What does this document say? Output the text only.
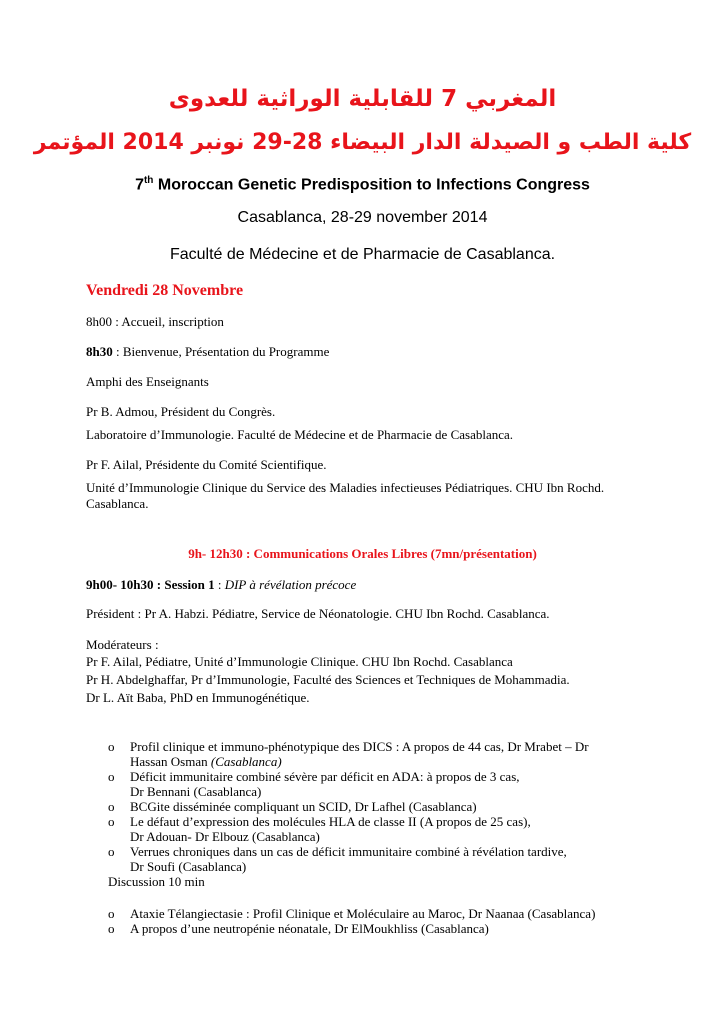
المغربي 7 للقابلية الوراثية للعدوى
كلية الطب و الصيدلة الدار البيضاء 28-29 نونبر 2014 المؤتمر
7th Moroccan Genetic Predisposition to Infections Congress
Casablanca, 28-29 november 2014
Faculté de Médecine et de Pharmacie de Casablanca.
Vendredi 28 Novembre
8h00 : Accueil, inscription
8h30 : Bienvenue, Présentation du Programme
Amphi des Enseignants
Pr B. Admou, Président du Congrès.
Laboratoire d’Immunologie. Faculté de Médecine et de Pharmacie de Casablanca.
Pr F. Ailal, Présidente du Comité Scientifique.
Unité d’Immunologie Clinique du Service des Maladies infectieuses Pédiatriques. CHU Ibn Rochd. Casablanca.
9h- 12h30 : Communications Orales Libres (7mn/présentation)
9h00- 10h30 : Session 1 : DIP à révélation précoce
Président : Pr A. Habzi. Pédiatre, Service de Néonatologie. CHU Ibn Rochd. Casablanca.
Modérateurs :
Pr F. Ailal, Pédiatre, Unité d’Immunologie Clinique. CHU Ibn Rochd. Casablanca
Pr H. Abdelghaffar, Pr d’Immunologie, Faculté des Sciences et Techniques de Mohammadia.
Dr L. Aït Baba, PhD en Immunogénétique.
o Profil clinique et immuno-phénotypique des DICS : A propos de 44 cas, Dr Mrabet – Dr
Hassan Osman (Casablanca)
o Déficit immunitaire combiné sévère par déficit en ADA: à propos de 3 cas,
Dr Bennani (Casablanca)
o BCGite disséminée compliquant un SCID, Dr Lafhel (Casablanca)
o Le défaut d’expression des molécules HLA de classe II (A propos de 25 cas),
Dr Adouan- Dr Elbouz (Casablanca)
o Verrues chroniques dans un cas de déficit immunitaire combiné à révélation tardive,
Dr Soufi (Casablanca)
Discussion 10 min
o Ataxie Télangiectasie : Profil Clinique et Moléculaire au Maroc, Dr Naanaa (Casablanca)
o A propos d’une neutropénie néonatale, Dr ElMoukhliss (Casablanca)
